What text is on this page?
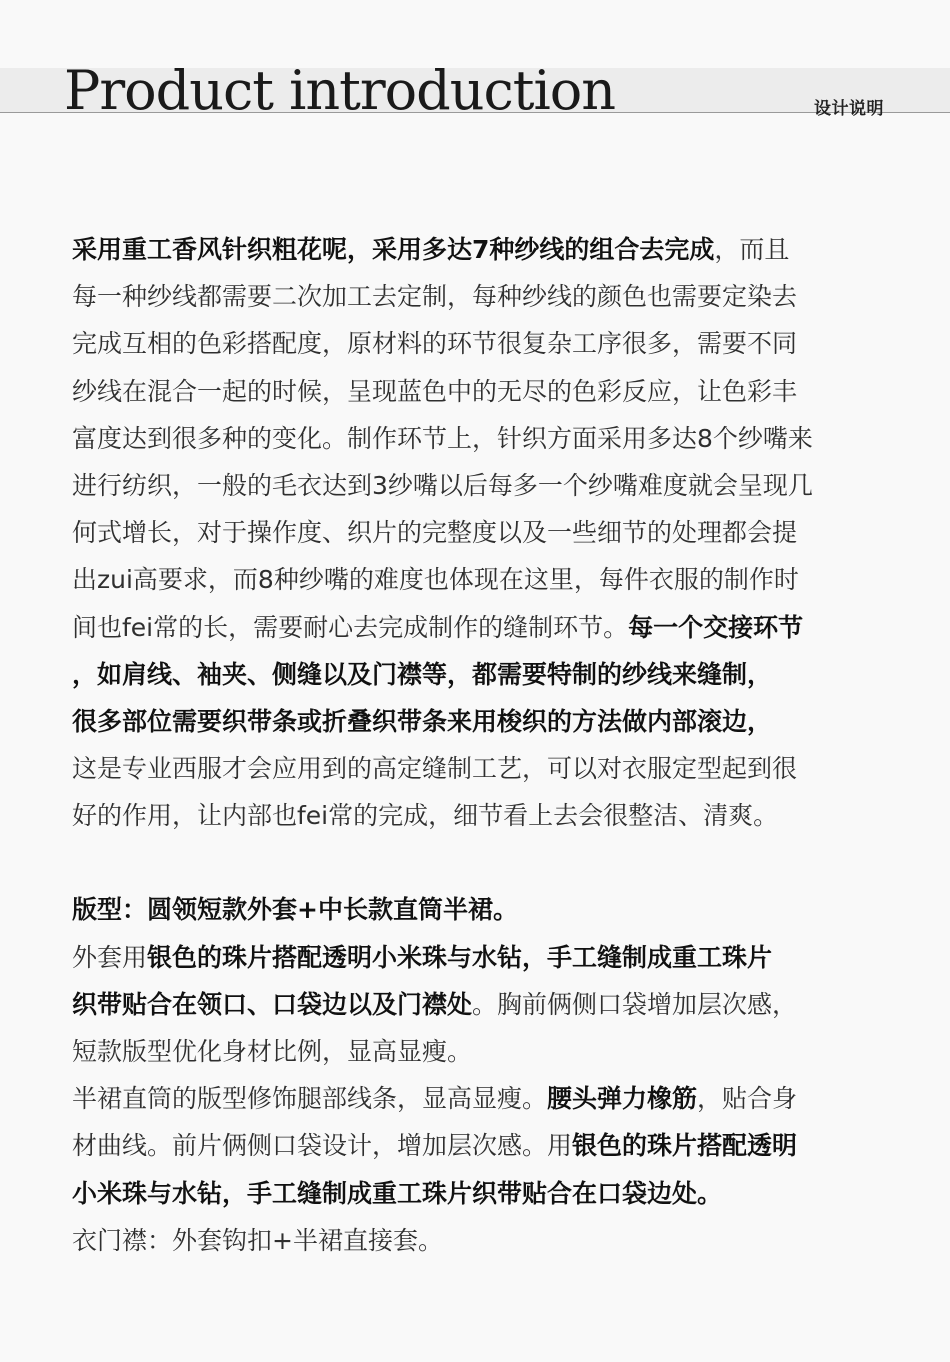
Product introduction	设计说明
采用重工香风针织粗花呢，采用多达7种纱线的组合去完成，而且
每一种纱线都需要二次加工去定制，每种纱线的颜色也需要定染去
完成互相的色彩搭配度，原材料的环节很复杂工序很多，需要不同
纱线在混合一起的时候，呈现蓝色中的无尽的色彩反应，让色彩丰
富度达到很多种的变化。制作环节上，针织方面采用多达8个纱嘴来
进行纺织，一般的毛衣达到3纱嘴以后每多一个纱嘴难度就会呈现几
何式增长，对于操作度、织片的完整度以及一些细节的处理都会提
出zui高要求，而8种纱嘴的难度也体现在这里，每件衣服的制作时
间也fei常的长，需要耐心去完成制作的缝制环节。每一个交接环节
，如肩线、袖夹、侧缝以及门襟等，都需要特制的纱线来缝制，
很多部位需要织带条或折叠织带条来用梭织的方法做内部滚边，
这是专业西服才会应用到的高定缝制工艺，可以对衣服定型起到很
好的作用，让内部也fei常的完成，细节看上去会很整洁、清爽。
版型：圆领短款外套+中长款直筒半裙。
外套用银色的珠片搭配透明小米珠与水钻，手工缝制成重工珠片
织带贴合在领口、口袋边以及门襟处。胸前俩侧口袋增加层次感，
短款版型优化身材比例，显高显瘦。
半裙直筒的版型修饰腿部线条，显高显瘦。腰头弹力橡筋，贴合身
材曲线。前片俩侧口袋设计，增加层次感。用银色的珠片搭配透明
小米珠与水钻，手工缝制成重工珠片织带贴合在口袋边处。
衣门襟：外套钩扣+半裙直接套。
